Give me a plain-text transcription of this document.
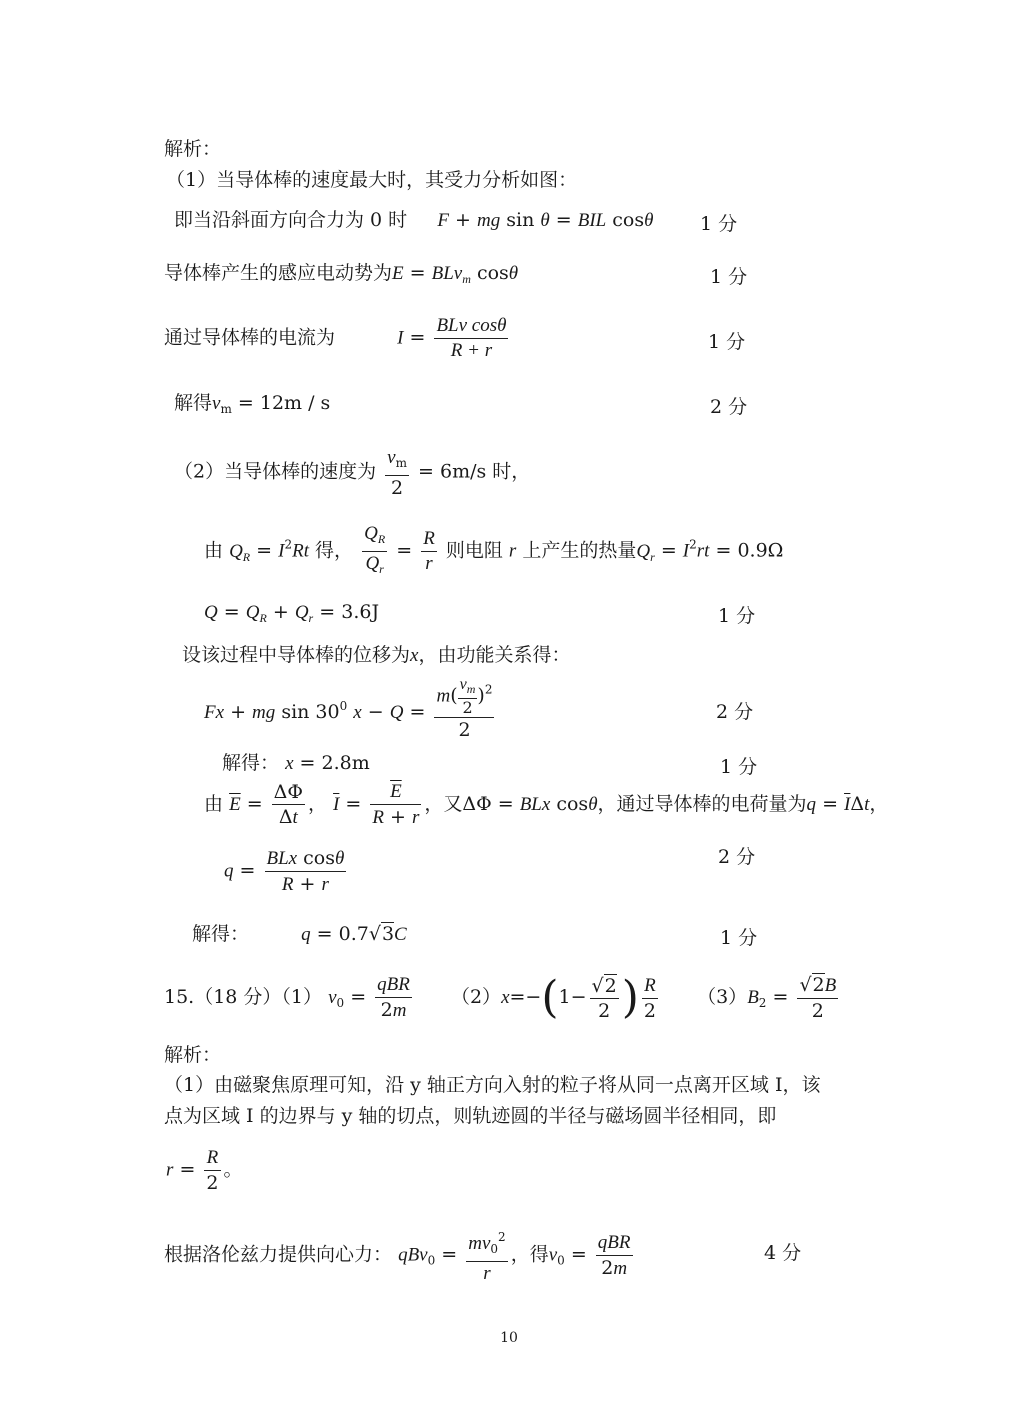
解析：
（1）当导体棒的速度最大时，其受力分析如图：
即当沿斜面方向合力为 0 时 F + mg sin θ = BIL cosθ 1 分
导体棒产生的感应电动势为E = BLv$_m$ cosθ	1 分
通过导体棒的电流为	$I = \frac{\text{BLv cosθ}}{R + r}$	1 分
解得$v_m = 12m / s$	2 分
（2）当导体棒的速度为 $\frac{v_m}{2} = 6m/s$ 时，
由 $Q_R = I^2Rt$ 得， $\frac{Q_R}{Q_r} = \frac{R}{r}$ 则电阻 r 上产生的热量$Q_r = I^2rt = 0.9\Omega$
$Q = Q_R + Q_r = 3.6J$	1 分
设该过程中导体棒的位移为x，由功能关系得：
Fx + mg $\sin 30^0$ $x - Q = \frac{m( \frac{v_m}{2} )^2}{2}$	2 分
解得： x = 2.8m	1 分
由 $\overline{E} = \frac{\Delta\Phi}{\Delta t}$ ， $\overline{I} = \frac{\overline{E}}{R + r}$ ，又ΔΦ = BLx cosθ，通过导体棒的电荷量为$q = \overline{I}\Delta t$，
$q = \frac{\text{BLx cosθ}}{R + r}$	2 分
解得：	q = 0.7√3C	1 分
15.（18 分）（1） $v_0 = \frac{\text{qBR}}{2m} (2)x=-(1- \frac{√2}{2}$ ) $\frac{R}{2} (3)B_2 = \frac{√2B}{2}$
解析：
（1）由磁聚焦原理可知，沿 y 轴正方向入射的粒子将从同一点离开区域 I，该
点为区域 I 的边界与 y 轴的切点，则轨迹圆的半径与磁场圆半径相同，即
$r = \frac{R}{2}$ 。
根据洛伦兹力提供向心力： $qBv_0 = \frac{mv_0^2}{r}$ ，得$v_0 = \frac{\text{qBR}}{2m}$	4 分
10
